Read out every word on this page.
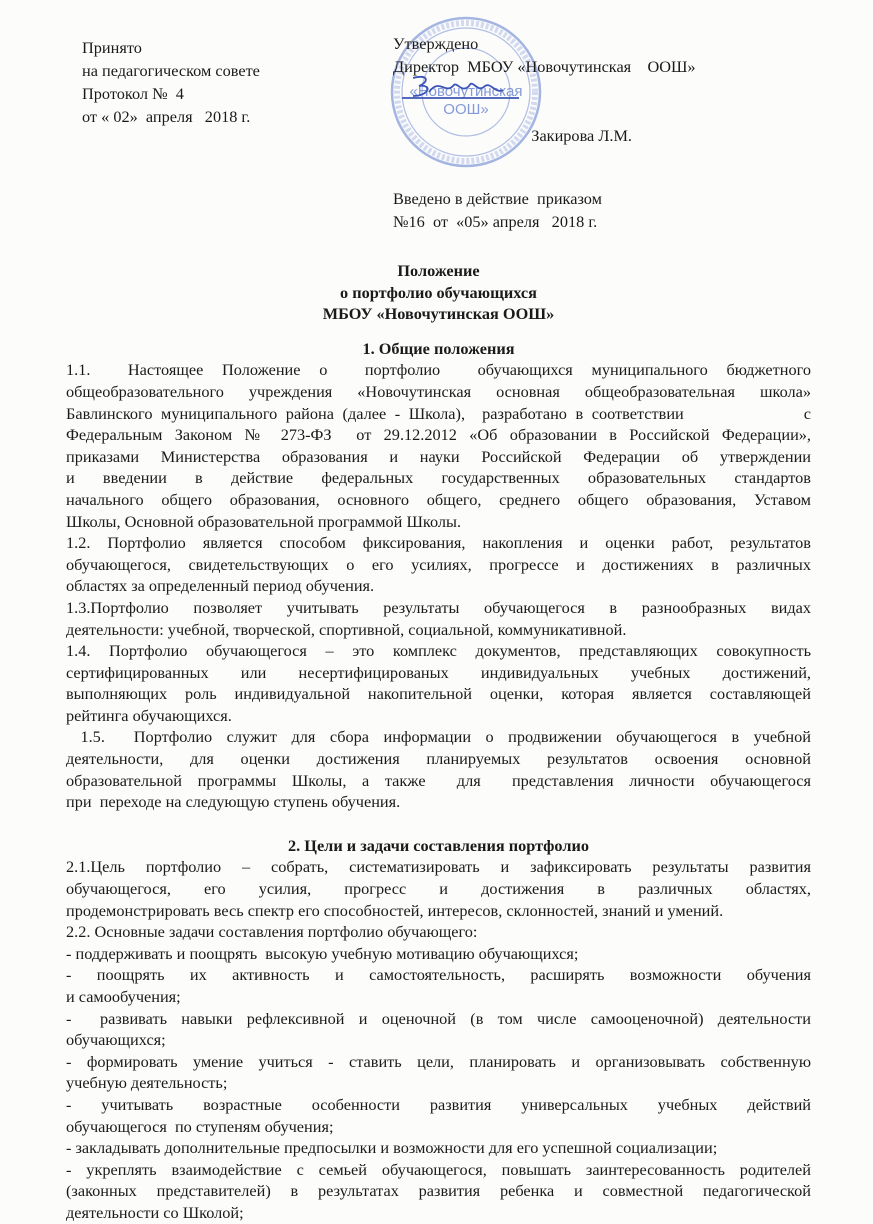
«Новочутинская
ООШ»
Принято
на педагогическом совете
Протокол №  4
от « 02»  апреля   2018 г.
Утверждено
Директор  МБОУ «Новочутинская    ООШ»

Закирова Л.М.

Введено в действие  приказом
№16  от  «05» апреля   2018 г.
Положение
о портфолио обучающихся
МБОУ «Новочутинская ООШ»
1. Общие положения
1.1.  Настоящее Положение о  портфолио  обучающихся муниципального бюджетного
общеобразовательного учреждения «Новочутинская основная общеобразовательная школа»
Бавлинского муниципального района (далее - Школа),  разработано в соответствии              с
Федеральным Законом № 273-ФЗ  от 29.12.2012 «Об образовании в Российской Федерации»,
приказами Министерства образования и науки Российской Федерации об утверждении
и  введении  в  действие  федеральных  государственных  образовательных  стандартов
начального общего образования, основного общего, среднего общего образования, Уставом
Школы, Основной образовательной программой Школы.
1.2. Портфолио является способом фиксирования, накопления и оценки работ, результатов
обучающегося, свидетельствующих о его усилиях, прогрессе и достижениях в различных
областях за определенный период обучения.
1.3.Портфолио позволяет учитывать результаты обучающегося в разнообразных видах
деятельности: учебной, творческой, спортивной, социальной, коммуникативной.
1.4. Портфолио обучающегося – это комплекс документов, представляющих совокупность
сертифицированных или несертифицированых индивидуальных учебных достижений,
выполняющих роль индивидуальной накопительной оценки, которая является составляющей
рейтинга обучающихся.
1.5.  Портфолио служит для сбора информации о продвижении обучающегося в учебной
деятельности, для оценки достижения планируемых результатов освоения основной
образовательной программы Школы, а также  для  представления личности обучающегося
при  переходе на следующую ступень обучения.
2. Цели и задачи составления портфолио
2.1.Цель портфолио – собрать, систематизировать и зафиксировать результаты развития
обучающегося, его усилия, прогресс и достижения в различных областях,
продемонстрировать весь спектр его способностей, интересов, склонностей, знаний и умений.
2.2. Основные задачи составления портфолио обучающего:
- поддерживать и поощрять  высокую учебную мотивацию обучающихся;
-  поощрять  их  активность  и  самостоятельность,  расширять  возможности  обучения
и самообучения;
-  развивать навыки рефлексивной и оценочной (в том числе самооценочной) деятельности
обучающихся;
- формировать умение учиться - ставить цели, планировать и организовывать собственную
учебную деятельность;
-  учитывать  возрастные  особенности  развития  универсальных  учебных  действий
обучающегося  по ступеням обучения;
- закладывать дополнительные предпосылки и возможности для его успешной социализации;
- укреплять взаимодействие с семьей обучающегося, повышать заинтересованность родителей
(законных представителей) в результатах развития ребенка и совместной педагогической
деятельности со Школой;
